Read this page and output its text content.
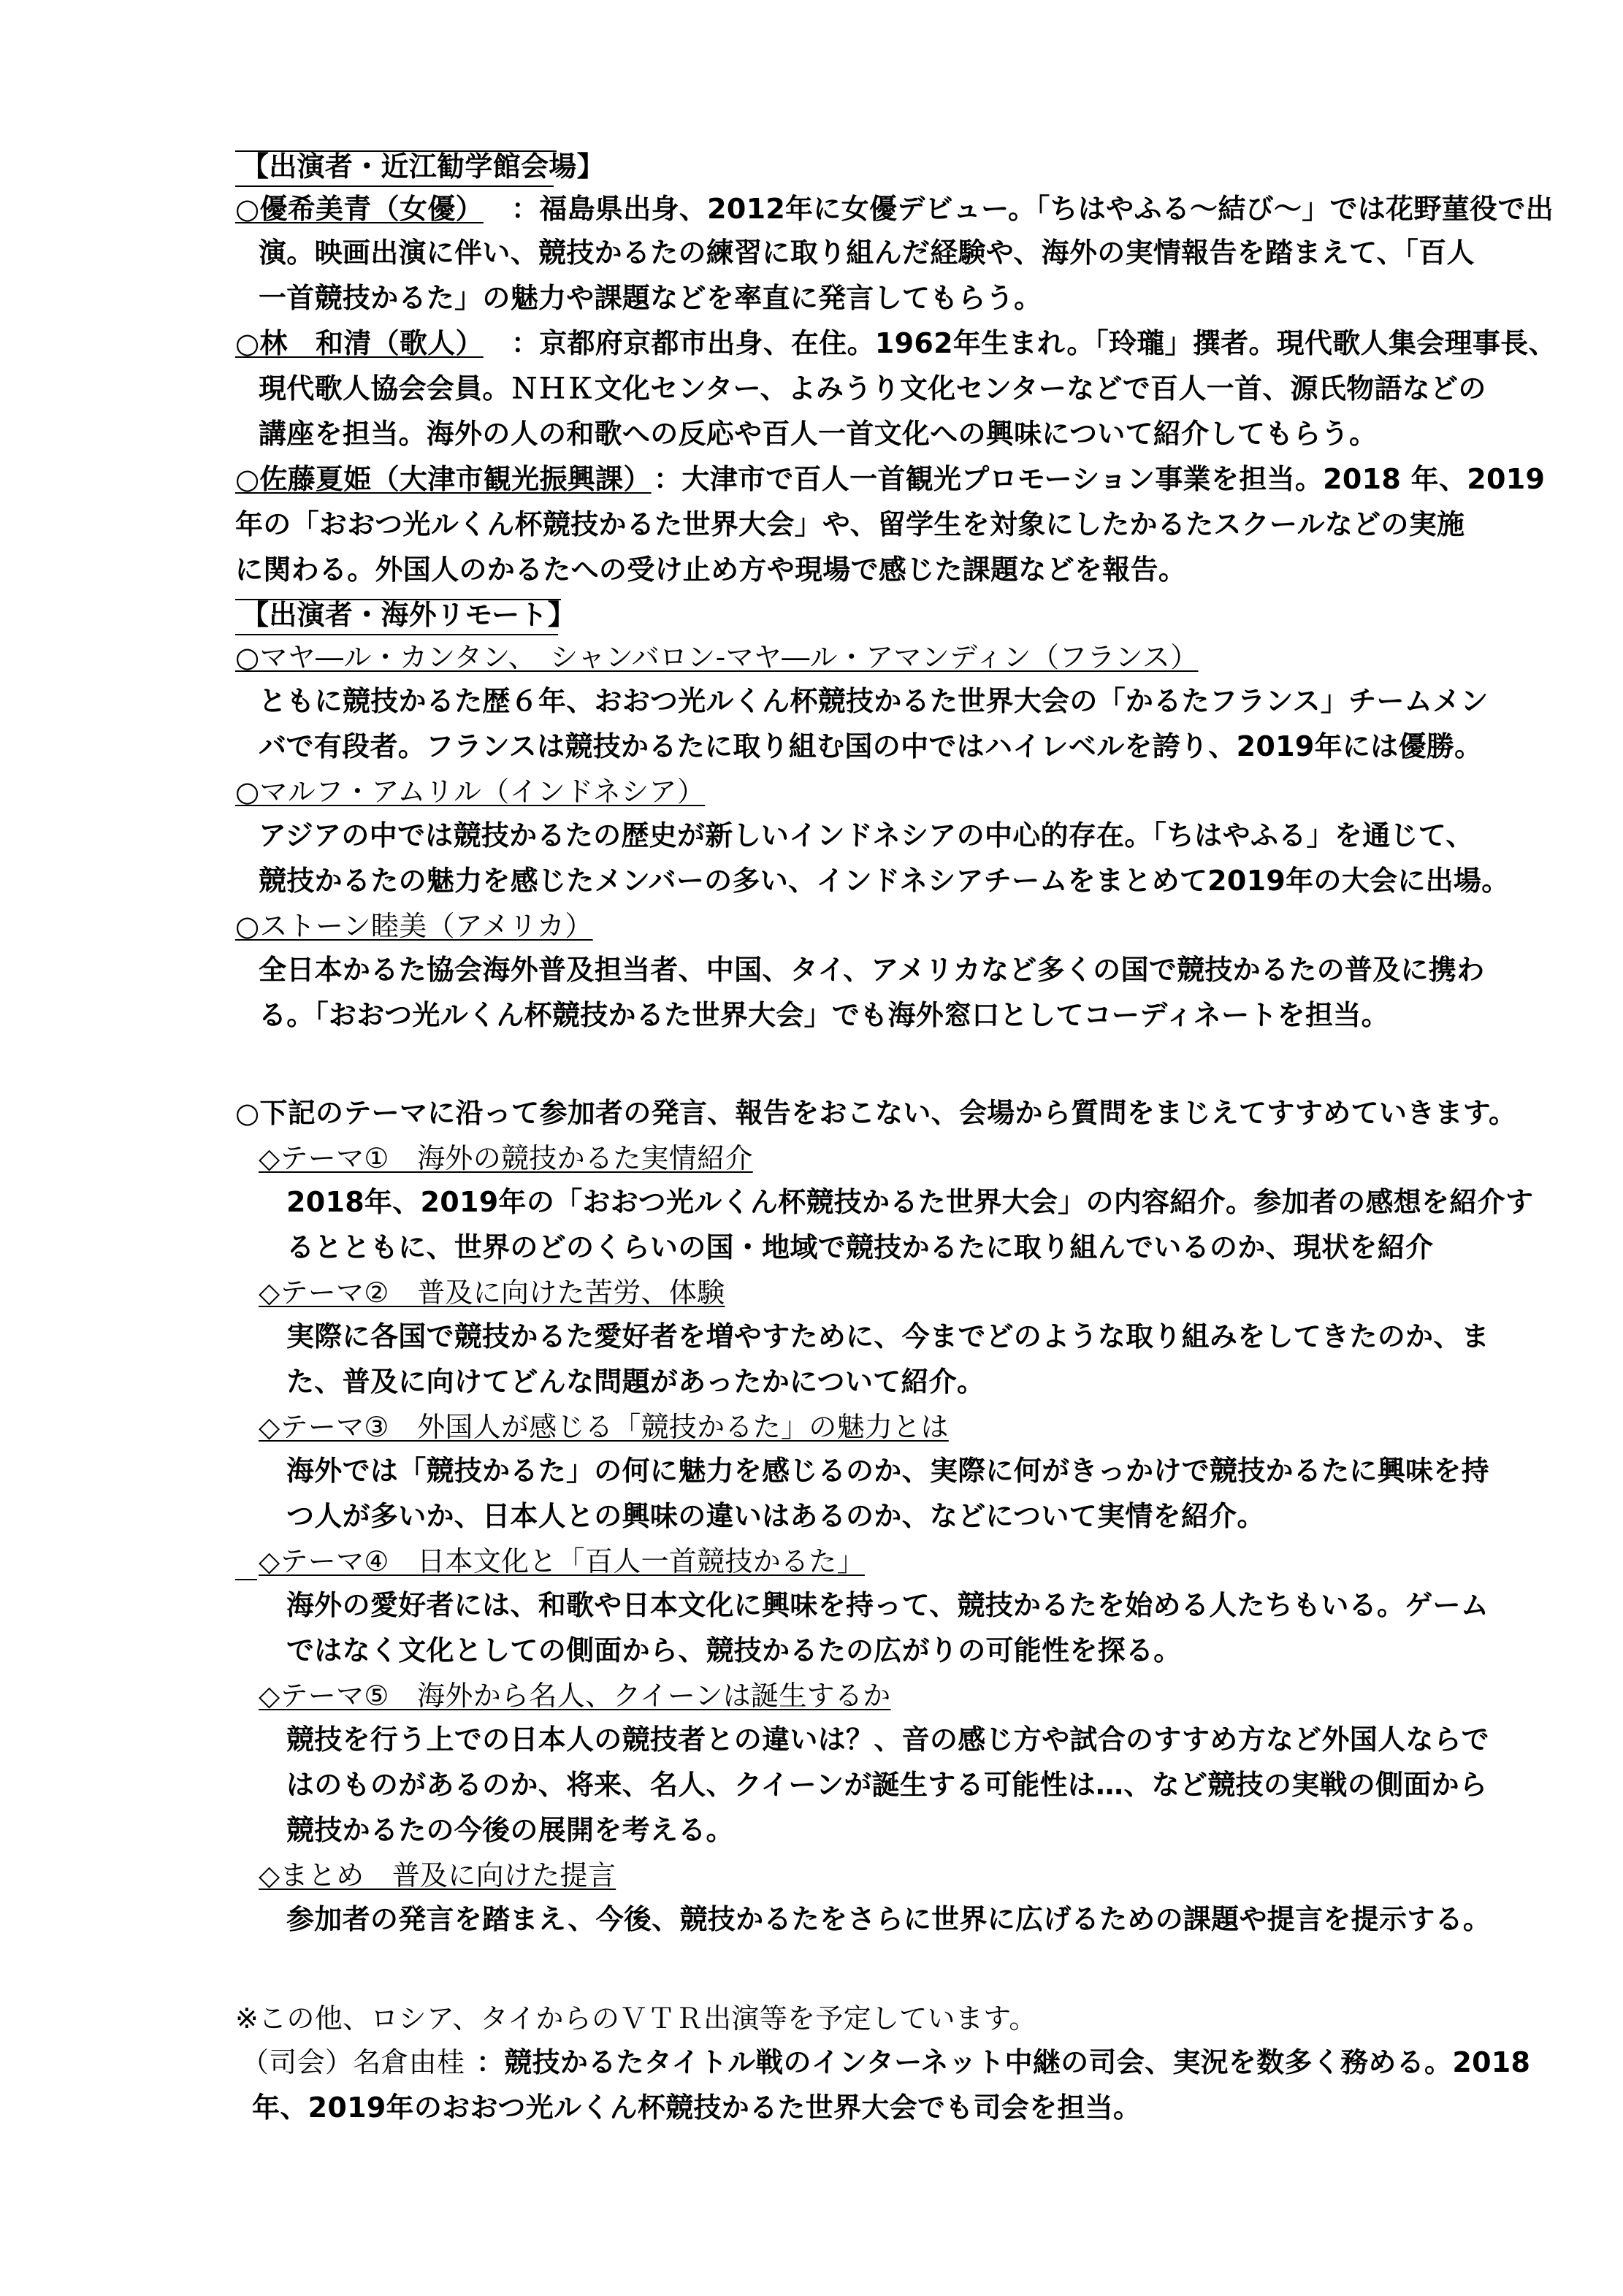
【出演者・近江勧学館会場】
○優希美青（女優） ：福島県出身、2012年に女優デビュー。「ちはやふる～結び～」では花野菫役で出
演。映画出演に伴い、競技かるたの練習に取り組んだ経験や、海外の実情報告を踏まえて、「百人
一首競技かるた」の魅力や課題などを率直に発言してもらう。
○林　和清（歌人） ：京都府京都市出身、在住。1962年生まれ。「玲瓏」撰者。現代歌人集会理事長、
現代歌人協会会員。ＮＨＫ文化センター、よみうり文化センターなどで百人一首、源氏物語などの
講座を担当。海外の人の和歌への反応や百人一首文化への興味について紹介してもらう。
○佐藤夏姫（大津市観光振興課） ：大津市で百人一首観光プロモーション事業を担当。2018 年、2019
年の「おおつ光ルくん杯競技かるた世界大会」や、留学生を対象にしたかるたスクールなどの実施
に関わる。外国人のかるたへの受け止め方や現場で感じた課題などを報告。
【出演者・海外リモート】
○マヤ―ル・カンタン、　シャンバロン-マヤ―ル・アマンディン（フランス）
ともに競技かるた歴６年、おおつ光ルくん杯競技かるた世界大会の「かるたフランス」チームメン
バで有段者。フランスは競技かるたに取り組む国の中ではハイレベルを誇り、2019年には優勝。
○マルフ・アムリル（インドネシア）
アジアの中では競技かるたの歴史が新しいインドネシアの中心的存在。「ちはやふる」を通じて、
競技かるたの魅力を感じたメンバーの多い、インドネシアチームをまとめて2019年の大会に出場。
○ストーン睦美（アメリカ）
全日本かるた協会海外普及担当者、中国、タイ、アメリカなど多くの国で競技かるたの普及に携わ
る。「おおつ光ルくん杯競技かるた世界大会」でも海外窓口としてコーディネートを担当。
○下記のテーマに沿って参加者の発言、報告をおこない、会場から質問をまじえてすすめていきます。
◇テーマ①　海外の競技かるた実情紹介
2018年、2019年の「おおつ光ルくん杯競技かるた世界大会」の内容紹介。参加者の感想を紹介す
るとともに、世界のどのくらいの国・地域で競技かるたに取り組んでいるのか、現状を紹介
◇テーマ②　普及に向けた苦労、体験
実際に各国で競技かるた愛好者を増やすために、今までどのような取り組みをしてきたのか、ま
た、普及に向けてどんな問題があったかについて紹介。
◇テーマ③　外国人が感じる「競技かるた」の魅力とは
海外では「競技かるた」の何に魅力を感じるのか、実際に何がきっかけで競技かるたに興味を持
つ人が多いか、日本人との興味の違いはあるのか、などについて実情を紹介。
◇テーマ④　日本文化と「百人一首競技かるた」
海外の愛好者には、和歌や日本文化に興味を持って、競技かるたを始める人たちもいる。ゲーム
ではなく文化としての側面から、競技かるたの広がりの可能性を探る。
◇テーマ⑤　海外から名人、クイーンは誕生するか
競技を行う上での日本人の競技者との違いは？、音の感じ方や試合のすすめ方など外国人ならで
はのものがあるのか、将来、名人、クイーンが誕生する可能性は…、など競技の実戦の側面から
競技かるたの今後の展開を考える。
◇まとめ　普及に向けた提言
参加者の発言を踏まえ、今後、競技かるたをさらに世界に広げるための課題や提言を提示する。
※この他、ロシア、タイからのＶＴＲ出演等を予定しています。
（司会）名倉由桂 ：競技かるたタイトル戦のインターネット中継の司会、実況を数多く務める。2018
年、2019年のおおつ光ルくん杯競技かるた世界大会でも司会を担当。
